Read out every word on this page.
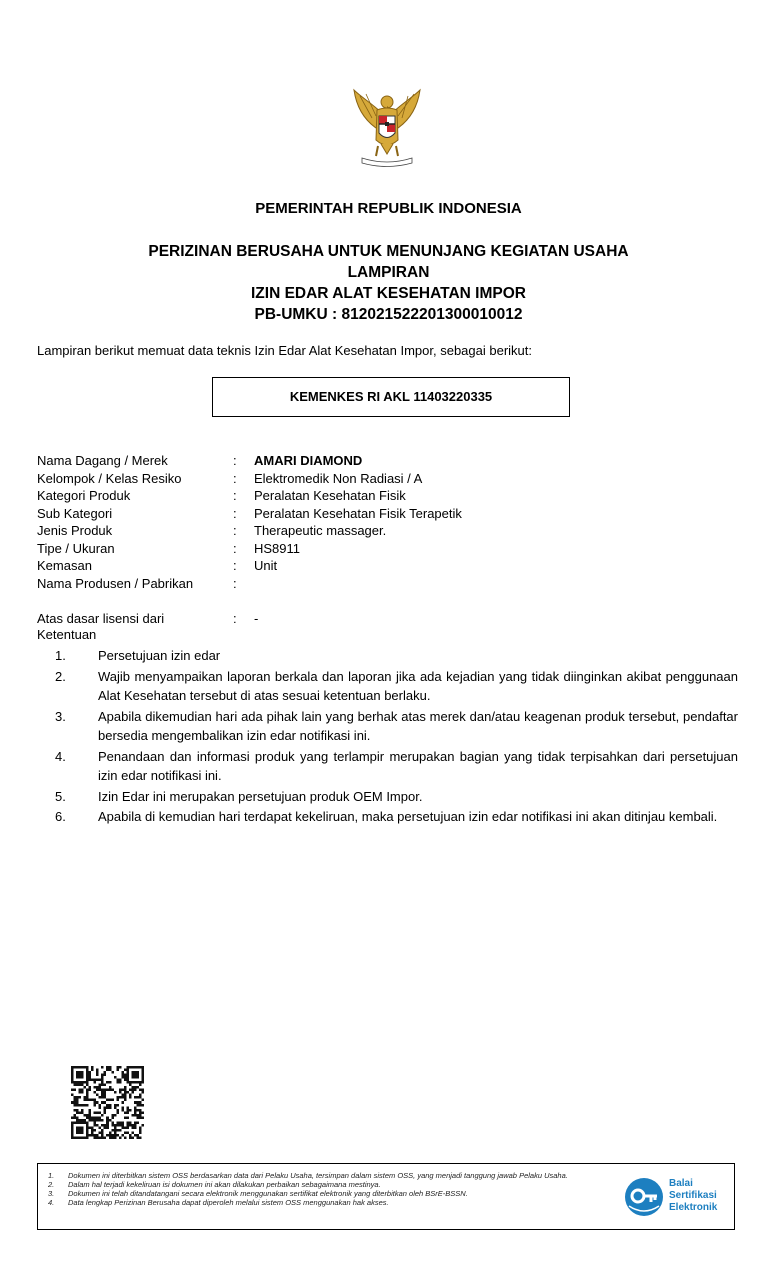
PEMERINTAH REPUBLIK INDONESIA
PERIZINAN BERUSAHA UNTUK MENUNJANG KEGIATAN USAHA
LAMPIRAN
IZIN EDAR ALAT KESEHATAN IMPOR
PB-UMKU : 812021522201300010012
Lampiran berikut memuat data teknis Izin Edar Alat Kesehatan Impor, sebagai berikut:
KEMENKES RI AKL 11403220335
Nama Dagang / Merek	: AMARI DIAMOND
Kelompok / Kelas Resiko	: Elektromedik Non Radiasi / A
Kategori Produk	: Peralatan Kesehatan Fisik
Sub Kategori	: Peralatan Kesehatan Fisik Terapetik
Jenis Produk	: Therapeutic massager.
Tipe / Ukuran	: HS8911
Kemasan	: Unit
Nama Produsen / Pabrikan	:
Atas dasar lisensi dari	: -
Ketentuan
1. Persetujuan izin edar
2. Wajib menyampaikan laporan berkala dan laporan jika ada kejadian yang tidak diinginkan akibat penggunaan Alat Kesehatan tersebut di atas sesuai ketentuan berlaku.
3. Apabila dikemudian hari ada pihak lain yang berhak atas merek dan/atau keagenan produk tersebut, pendaftar bersedia mengembalikan izin edar notifikasi ini.
4. Penandaan dan informasi produk yang terlampir merupakan bagian yang tidak terpisahkan dari persetujuan izin edar notifikasi ini.
5. Izin Edar ini merupakan persetujuan produk OEM Impor.
6. Apabila di kemudian hari terdapat kekeliruan, maka persetujuan izin edar notifikasi ini akan ditinjau kembali.
1. Dokumen ini diterbitkan sistem OSS berdasarkan data dari Pelaku Usaha, tersimpan dalam sistem OSS, yang menjadi tanggung jawab Pelaku Usaha.
2. Dalam hal terjadi kekeliruan isi dokumen ini akan dilakukan perbaikan sebagaimana mestinya.
3. Dokumen ini telah ditandatangani secara elektronik menggunakan sertifikat elektronik yang diterbitkan oleh BSrE-BSSN.
4. Data lengkap Perizinan Berusaha dapat diperoleh melalui sistem OSS menggunakan hak akses.
Balai
Sertifikasi
Elektronik
